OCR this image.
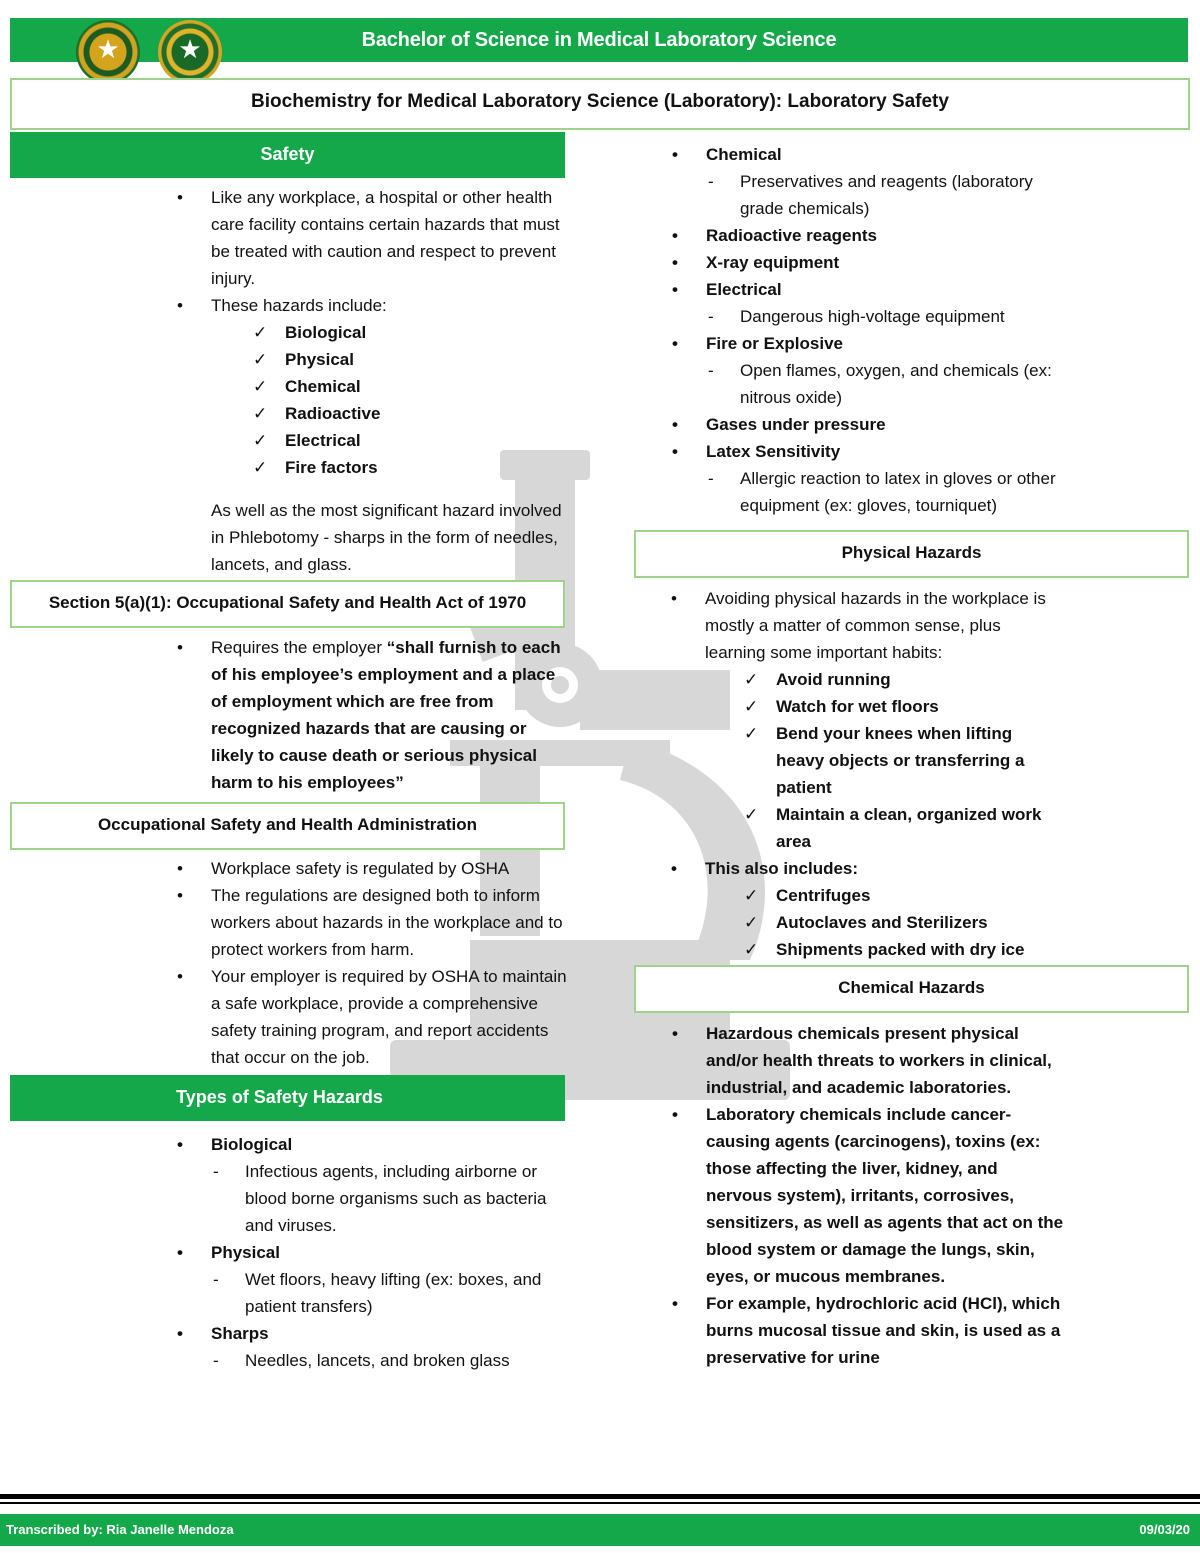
★	★	Bachelor of Science in Medical Laboratory Science
Biochemistry for Medical Laboratory Science (Laboratory): Laboratory Safety
Safety
• Like any workplace, a hospital or other health care facility contains certain hazards that must be treated with caution and respect to prevent injury.
• These hazards include:
✓ Biological
✓ Physical
✓ Chemical
✓ Radioactive
✓ Electrical
✓ Fire factors
As well as the most significant hazard involved in Phlebotomy - sharps in the form of needles, lancets, and glass.
Section 5(a)(1): Occupational Safety and Health Act of 1970
• Requires the employer “shall furnish to each of his employee’s employment and a place of employment which are free from recognized hazards that are causing or likely to cause death or serious physical harm to his employees”
Occupational Safety and Health Administration
• Workplace safety is regulated by OSHA
• The regulations are designed both to inform workers about hazards in the workplace and to protect workers from harm.
• Your employer is required by OSHA to maintain a safe workplace, provide a comprehensive safety training program, and report accidents that occur on the job.
Types of Safety Hazards
• Biological
- Infectious agents, including airborne or blood borne organisms such as bacteria and viruses.
• Physical
- Wet floors, heavy lifting (ex: boxes, and patient transfers)
• Sharps
- Needles, lancets, and broken glass
• Chemical
- Preservatives and reagents (laboratory grade chemicals)
• Radioactive reagents
• X-ray equipment
• Electrical
- Dangerous high-voltage equipment
• Fire or Explosive
- Open flames, oxygen, and chemicals (ex: nitrous oxide)
• Gases under pressure
• Latex Sensitivity
- Allergic reaction to latex in gloves or other equipment (ex: gloves, tourniquet)
Physical Hazards
• Avoiding physical hazards in the workplace is mostly a matter of common sense, plus learning some important habits:
✓ Avoid running
✓ Watch for wet floors
✓ Bend your knees when lifting heavy objects or transferring a patient
✓ Maintain a clean, organized work area
• This also includes:
✓ Centrifuges
✓ Autoclaves and Sterilizers
✓ Shipments packed with dry ice
Chemical Hazards
• Hazardous chemicals present physical and/or health threats to workers in clinical, industrial, and academic laboratories.
• Laboratory chemicals include cancer-causing agents (carcinogens), toxins (ex: those affecting the liver, kidney, and nervous system), irritants, corrosives, sensitizers, as well as agents that act on the blood system or damage the lungs, skin, eyes, or mucous membranes.
• For example, hydrochloric acid (HCl), which burns mucosal tissue and skin, is used as a preservative for urine
Transcribed by: Ria Janelle Mendoza	09/03/20
